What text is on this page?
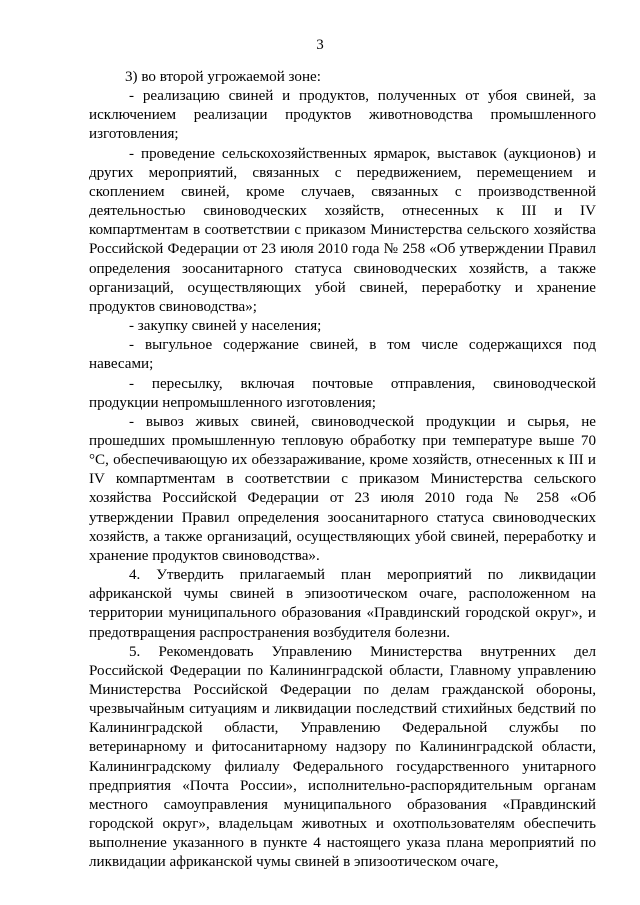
3

3) во второй угрожаемой зоне:

- реализацию свиней и продуктов, полученных от убоя свиней, за исключением реализации продуктов животноводства промышленного изготовления;

- проведение сельскохозяйственных ярмарок, выставок (аукционов) и других мероприятий, связанных с передвижением, перемещением и скоплением свиней, кроме случаев, связанных с производственной деятельностью свиноводческих хозяйств, отнесенных к III и IV компартментам в соответствии с приказом Министерства сельского хозяйства Российской Федерации от 23 июля 2010 года № 258 «Об утверждении Правил определения зоосанитарного статуса свиноводческих хозяйств, а также организаций, осуществляющих убой свиней, переработку и хранение продуктов свиноводства»;

- закупку свиней у населения;

- выгульное содержание свиней, в том числе содержащихся под навесами;

- пересылку, включая почтовые отправления, свиноводческой продукции непромышленного изготовления;

- вывоз живых свиней, свиноводческой продукции и сырья, не прошедших промышленную тепловую обработку при температуре выше 70 °С, обеспечивающую их обеззараживание, кроме хозяйств, отнесенных к III и IV компартментам в соответствии с приказом Министерства сельского хозяйства Российской Федерации от 23 июля 2010 года № 258 «Об утверждении Правил определения зоосанитарного статуса свиноводческих хозяйств, а также организаций, осуществляющих убой свиней, переработку и хранение продуктов свиноводства».

4. Утвердить прилагаемый план мероприятий по ликвидации африканской чумы свиней в эпизоотическом очаге, расположенном на территории муниципального образования «Правдинский городской округ», и предотвращения распространения возбудителя болезни.

5. Рекомендовать Управлению Министерства внутренних дел Российской Федерации по Калининградской области, Главному управлению Министерства Российской Федерации по делам гражданской обороны, чрезвычайным ситуациям и ликвидации последствий стихийных бедствий по Калининградской области, Управлению Федеральной службы по ветеринарному и фитосанитарному надзору по Калининградской области, Калининградскому филиалу Федерального государственного унитарного предприятия «Почта России», исполнительно-распорядительным органам местного самоуправления муниципального образования «Правдинский городской округ», владельцам животных и охотпользователям обеспечить выполнение указанного в пункте 4 настоящего указа плана мероприятий по ликвидации африканской чумы свиней в эпизоотическом очаге,
